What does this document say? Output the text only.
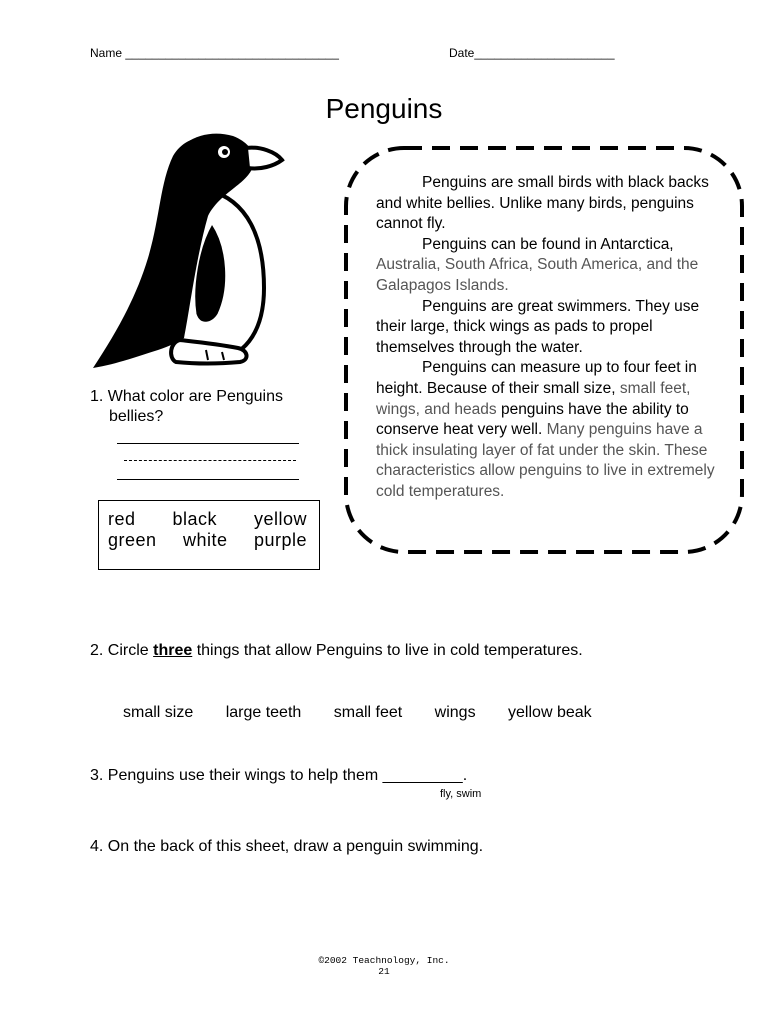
Name ________________________________	Date_____________________
Penguins

Penguins are small birds with black backs and white bellies. Unlike many birds, penguins cannot fly.

Penguins can be found in Antarctica, Australia, South Africa, South America, and the Galapagos Islands.

Penguins are great swimmers. They use their large, thick wings as pads to propel themselves through the water.

Penguins can measure up to four feet in height. Because of their small size, small feet, wings, and heads penguins have the ability to conserve heat very well. Many penguins have a thick insulating layer of fat under the skin. These characteristics allow penguins to live in extremely cold temperatures.

1. What color are Penguins
bellies?
red black yellow
green white purple
2. Circle three things that allow Penguins to live in cold temperatures.
small size large teeth small feet wings yellow beak
3. Penguins use their wings to help them _________.
fly, swim
4. On the back of this sheet, draw a penguin swimming.
©2002 Teachnology, Inc.
21
